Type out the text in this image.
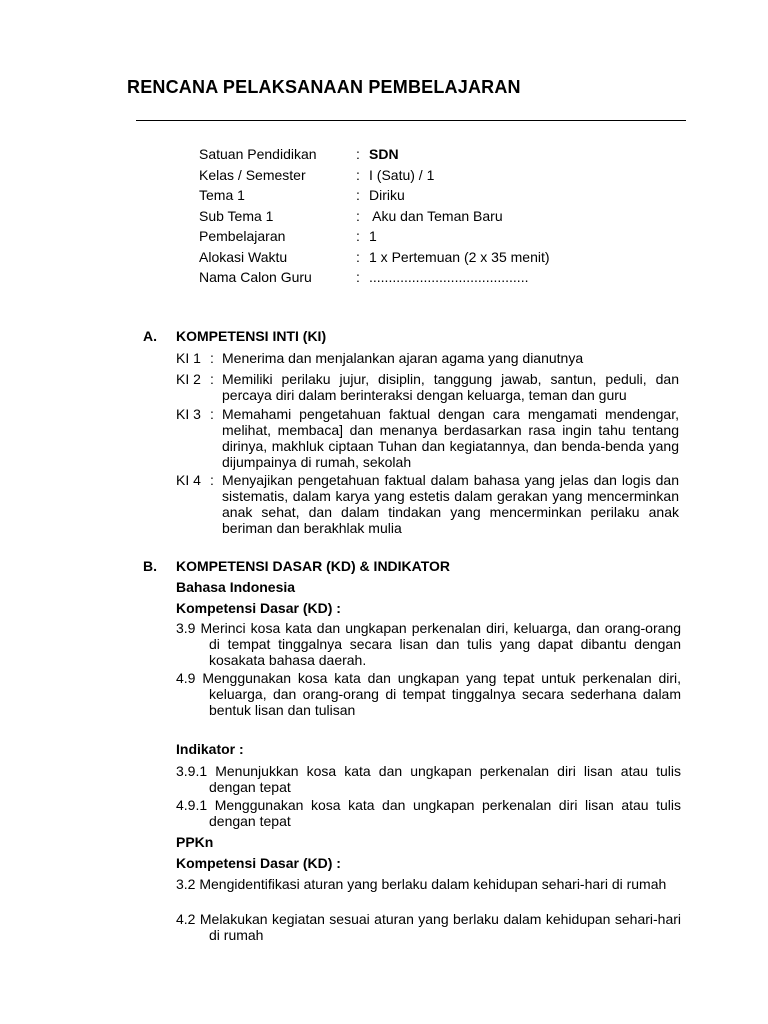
RENCANA PELAKSANAAN PEMBELAJARAN
Satuan Pendidikan	: SDN
Kelas / Semester	: I (Satu) / 1
Tema 1	: Diriku
Sub Tema 1	: Aku dan Teman Baru
Pembelajaran	: 1
Alokasi Waktu	: 1 x Pertemuan (2 x 35 menit)
Nama Calon Guru	: .........................................
A. KOMPETENSI INTI (KI)
KI 1 : Menerima dan menjalankan ajaran agama yang dianutnya
KI 2 : Memiliki perilaku jujur, disiplin, tanggung jawab, santun, peduli, dan percaya diri dalam berinteraksi dengan keluarga, teman dan guru
KI 3 : Memahami pengetahuan faktual dengan cara mengamati mendengar, melihat, membaca] dan menanya berdasarkan rasa ingin tahu tentang dirinya, makhluk ciptaan Tuhan dan kegiatannya, dan benda-benda yang dijumpainya di rumah, sekolah
KI 4 : Menyajikan pengetahuan faktual dalam bahasa yang jelas dan logis dan sistematis, dalam karya yang estetis dalam gerakan yang mencerminkan anak sehat, dan dalam tindakan yang mencerminkan perilaku anak beriman dan berakhlak mulia
B. KOMPETENSI DASAR (KD) & INDIKATOR
Bahasa Indonesia
Kompetensi Dasar (KD) :
3.9 Merinci kosa kata dan ungkapan perkenalan diri, keluarga, dan orang-orang di tempat tinggalnya secara lisan dan tulis yang dapat dibantu dengan kosakata bahasa daerah.
4.9 Menggunakan kosa kata dan ungkapan yang tepat untuk perkenalan diri, keluarga, dan orang-orang di tempat tinggalnya secara sederhana dalam bentuk lisan dan tulisan
Indikator :
3.9.1 Menunjukkan kosa kata dan ungkapan perkenalan diri lisan atau tulis dengan tepat
4.9.1 Menggunakan kosa kata dan ungkapan perkenalan diri lisan atau tulis dengan tepat
PPKn
Kompetensi Dasar (KD) :
3.2 Mengidentifikasi aturan yang berlaku dalam kehidupan sehari-hari di rumah
4.2 Melakukan kegiatan sesuai aturan yang berlaku dalam kehidupan sehari-hari di rumah
